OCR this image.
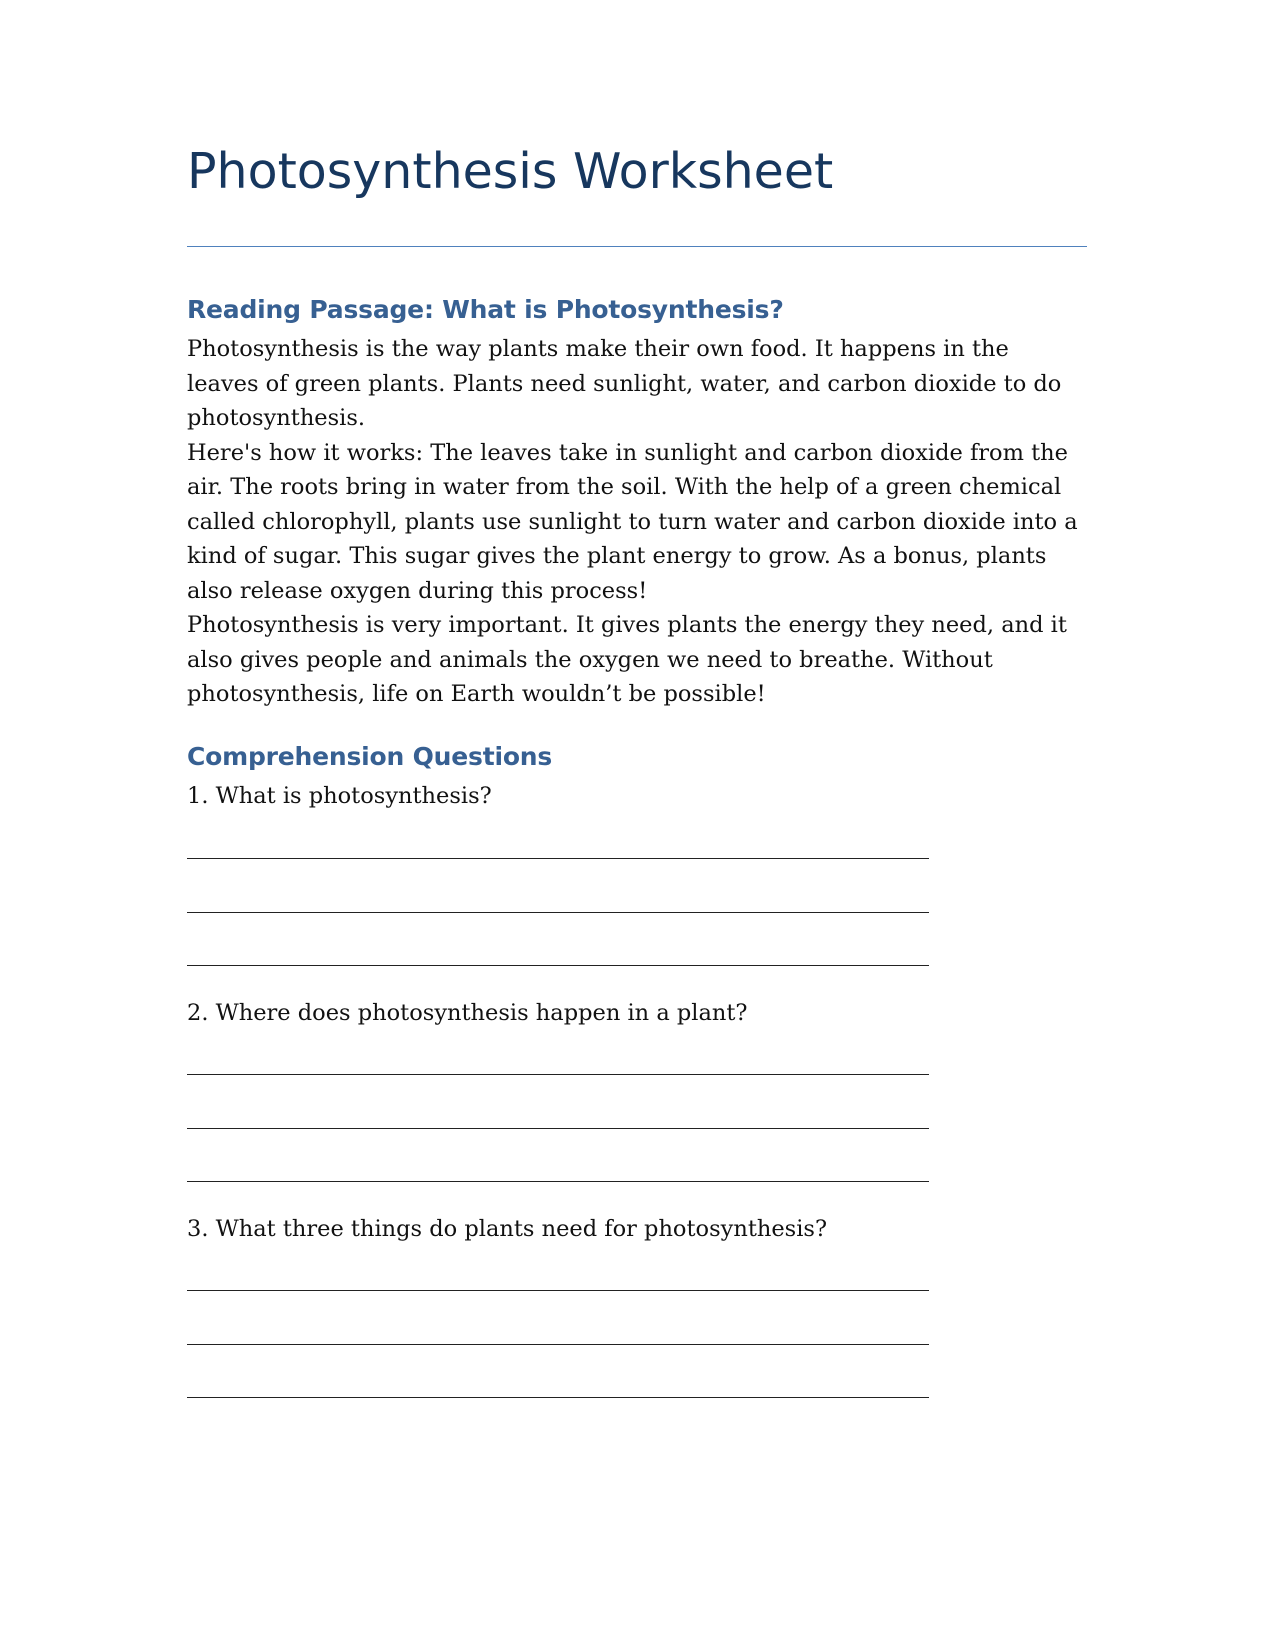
Photosynthesis Worksheet
Reading Passage: What is Photosynthesis?

Photosynthesis is the way plants make their own food. It happens in the leaves of green plants. Plants need sunlight, water, and carbon dioxide to do photosynthesis.

Here's how it works: The leaves take in sunlight and carbon dioxide from the air. The roots bring in water from the soil. With the help of a green chemical called chlorophyll, plants use sunlight to turn water and carbon dioxide into a kind of sugar. This sugar gives the plant energy to grow. As a bonus, plants also release oxygen during this process!

Photosynthesis is very important. It gives plants the energy they need, and it also gives people and animals the oxygen we need to breathe. Without photosynthesis, life on Earth wouldn’t be possible!

Comprehension Questions

1. What is photosynthesis?

2. Where does photosynthesis happen in a plant?

3. What three things do plants need for photosynthesis?
